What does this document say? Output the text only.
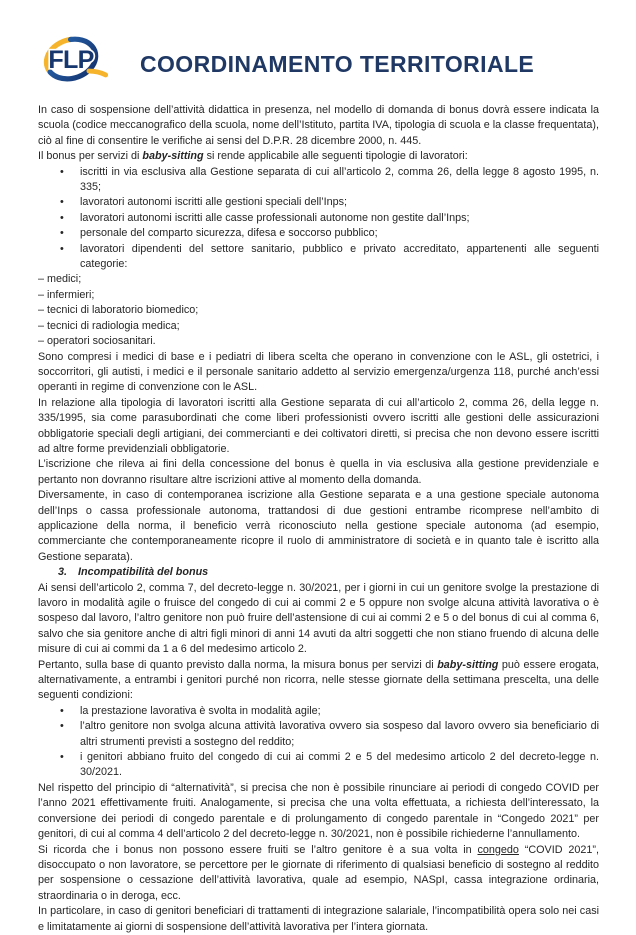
FLP COORDINAMENTO TERRITORIALE

In caso di sospensione dell’attività didattica in presenza, nel modello di domanda di bonus dovrà essere indicata la scuola (codice meccanografico della scuola, nome dell’Istituto, partita IVA, tipologia di scuola e la classe frequentata), ciò al fine di consentire le verifiche ai sensi del D.P.R. 28 dicembre 2000, n. 445.

Il bonus per servizi di baby-sitting si rende applicabile alle seguenti tipologie di lavoratori:

• iscritti in via esclusiva alla Gestione separata di cui all’articolo 2, comma 26, della legge 8 agosto 1995, n. 335;
• lavoratori autonomi iscritti alle gestioni speciali dell’Inps;
• lavoratori autonomi iscritti alle casse professionali autonome non gestite dall’Inps;
• personale del comparto sicurezza, difesa e soccorso pubblico;
• lavoratori dipendenti del settore sanitario, pubblico e privato accreditato, appartenenti alle seguenti categorie:

– medici;

– infermieri;

– tecnici di laboratorio biomedico;

– tecnici di radiologia medica;

– operatori sociosanitari.

Sono compresi i medici di base e i pediatri di libera scelta che operano in convenzione con le ASL, gli ostetrici, i soccorritori, gli autisti, i medici e il personale sanitario addetto al servizio emergenza/urgenza 118, purché anch’essi operanti in regime di convenzione con le ASL.

In relazione alla tipologia di lavoratori iscritti alla Gestione separata di cui all’articolo 2, comma 26, della legge n. 335/1995, sia come parasubordinati che come liberi professionisti ovvero iscritti alle gestioni delle assicurazioni obbligatorie speciali degli artigiani, dei commercianti e dei coltivatori diretti, si precisa che non devono essere iscritti ad altre forme previdenziali obbligatorie.

L’iscrizione che rileva ai fini della concessione del bonus è quella in via esclusiva alla gestione previdenziale e pertanto non dovranno risultare altre iscrizioni attive al momento della domanda.

Diversamente, in caso di contemporanea iscrizione alla Gestione separata e a una gestione speciale autonoma dell’Inps o cassa professionale autonoma, trattandosi di due gestioni entrambe ricomprese nell’ambito di applicazione della norma, il beneficio verrà riconosciuto nella gestione speciale autonoma (ad esempio, commerciante che contemporaneamente ricopre il ruolo di amministratore di società e in quanto tale è iscritto alla Gestione separata).

3. Incompatibilità del bonus

Ai sensi dell’articolo 2, comma 7, del decreto-legge n. 30/2021, per i giorni in cui un genitore svolge la prestazione di lavoro in modalità agile o fruisce del congedo di cui ai commi 2 e 5 oppure non svolge alcuna attività lavorativa o è sospeso dal lavoro, l’altro genitore non può fruire dell’astensione di cui ai commi 2 e 5 o del bonus di cui al comma 6, salvo che sia genitore anche di altri figli minori di anni 14 avuti da altri soggetti che non stiano fruendo di alcuna delle misure di cui ai commi da 1 a 6 del medesimo articolo 2.

Pertanto, sulla base di quanto previsto dalla norma, la misura bonus per servizi di baby-sitting può essere erogata, alternativamente, a entrambi i genitori purché non ricorra, nelle stesse giornate della settimana prescelta, una delle seguenti condizioni:

• la prestazione lavorativa è svolta in modalità agile;
• l’altro genitore non svolga alcuna attività lavorativa ovvero sia sospeso dal lavoro ovvero sia beneficiario di altri strumenti previsti a sostegno del reddito;
• i genitori abbiano fruito del congedo di cui ai commi 2 e 5 del medesimo articolo 2 del decreto-legge n. 30/2021.

Nel rispetto del principio di “alternatività”, si precisa che non è possibile rinunciare ai periodi di congedo COVID per l’anno 2021 effettivamente fruiti. Analogamente, si precisa che una volta effettuata, a richiesta dell’interessato, la conversione dei periodi di congedo parentale e di prolungamento di congedo parentale in “Congedo 2021” per genitori, di cui al comma 4 dell’articolo 2 del decreto-legge n. 30/2021, non è possibile richiederne l’annullamento.

Si ricorda che i bonus non possono essere fruiti se l’altro genitore è a sua volta in congedo “COVID 2021”, disoccupato o non lavoratore, se percettore per le giornate di riferimento di qualsiasi beneficio di sostegno al reddito per sospensione o cessazione dell’attività lavorativa, quale ad esempio, NASpI, cassa integrazione ordinaria, straordinaria o in deroga, ecc.

In particolare, in caso di genitori beneficiari di trattamenti di integrazione salariale, l’incompatibilità opera solo nei casi e limitatamente ai giorni di sospensione dell’attività lavorativa per l’intera giornata.
